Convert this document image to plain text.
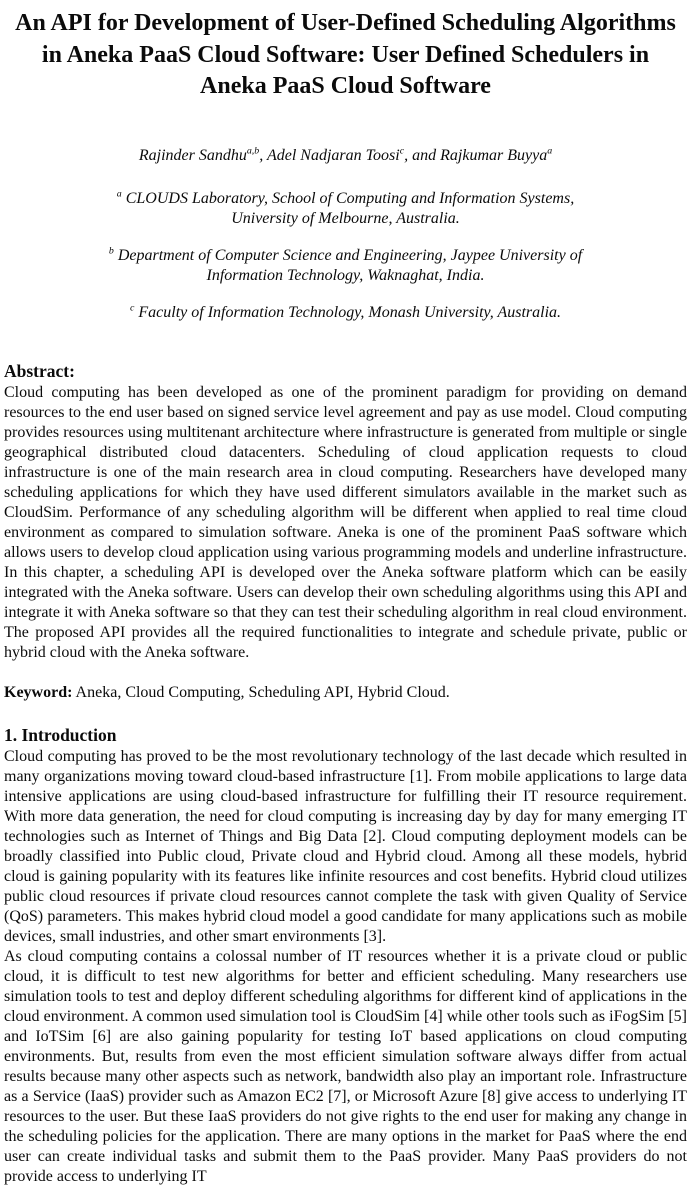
An API for Development of User-Defined Scheduling Algorithms in Aneka PaaS Cloud Software: User Defined Schedulers in Aneka PaaS Cloud Software

Rajinder Sandhu$^{a,b}$, Adel Nadjaran Toosi$^c$, and Rajkumar Buyya$^a$

$^a$ CLOUDS Laboratory, School of Computing and Information Systems, University of Melbourne, Australia.

$^b$ Department of Computer Science and Engineering, Jaypee University of Information Technology, Waknaghat, India.

$^c$ Faculty of Information Technology, Monash University, Australia.

Abstract:

Cloud computing has been developed as one of the prominent paradigm for providing on demand resources to the end user based on signed service level agreement and pay as use model. Cloud computing provides resources using multitenant architecture where infrastructure is generated from multiple or single geographical distributed cloud datacenters. Scheduling of cloud application requests to cloud infrastructure is one of the main research area in cloud computing. Researchers have developed many scheduling applications for which they have used different simulators available in the market such as CloudSim. Performance of any scheduling algorithm will be different when applied to real time cloud environment as compared to simulation software. Aneka is one of the prominent PaaS software which allows users to develop cloud application using various programming models and underline infrastructure. In this chapter, a scheduling API is developed over the Aneka software platform which can be easily integrated with the Aneka software. Users can develop their own scheduling algorithms using this API and integrate it with Aneka software so that they can test their scheduling algorithm in real cloud environment. The proposed API provides all the required functionalities to integrate and schedule private, public or hybrid cloud with the Aneka software.

Keyword: Aneka, Cloud Computing, Scheduling API, Hybrid Cloud.

1. Introduction

Cloud computing has proved to be the most revolutionary technology of the last decade which resulted in many organizations moving toward cloud-based infrastructure [1]. From mobile applications to large data intensive applications are using cloud-based infrastructure for fulfilling their IT resource requirement. With more data generation, the need for cloud computing is increasing day by day for many emerging IT technologies such as Internet of Things and Big Data [2]. Cloud computing deployment models can be broadly classified into Public cloud, Private cloud and Hybrid cloud. Among all these models, hybrid cloud is gaining popularity with its features like infinite resources and cost benefits. Hybrid cloud utilizes public cloud resources if private cloud resources cannot complete the task with given Quality of Service (QoS) parameters. This makes hybrid cloud model a good candidate for many applications such as mobile devices, small industries, and other smart environments [3].

As cloud computing contains a colossal number of IT resources whether it is a private cloud or public cloud, it is difficult to test new algorithms for better and efficient scheduling. Many researchers use simulation tools to test and deploy different scheduling algorithms for different kind of applications in the cloud environment. A common used simulation tool is CloudSim [4] while other tools such as iFogSim [5] and IoTSim [6] are also gaining popularity for testing IoT based applications on cloud computing environments. But, results from even the most efficient simulation software always differ from actual results because many other aspects such as network, bandwidth also play an important role. Infrastructure as a Service (IaaS) provider such as Amazon EC2 [7], or Microsoft Azure [8] give access to underlying IT resources to the user. But these IaaS providers do not give rights to the end user for making any change in the scheduling policies for the application. There are many options in the market for PaaS where the end user can create individual tasks and submit them to the PaaS provider. Many PaaS providers do not provide access to underlying IT
